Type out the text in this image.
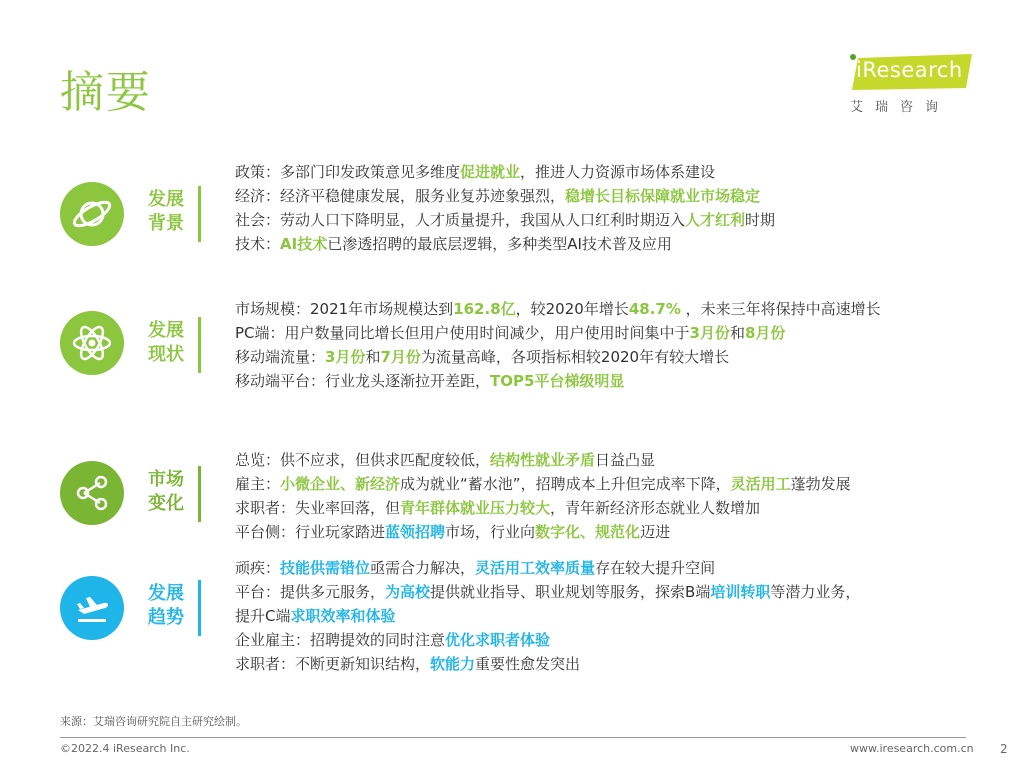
摘要	iResearch
艾瑞咨询
发展
背景
政策：多部门印发政策意见多维度促进就业，推进人力资源市场体系建设
经济：经济平稳健康发展，服务业复苏迹象强烈，稳增长目标保障就业市场稳定
社会：劳动人口下降明显，人才质量提升，我国从人口红利时期迈入人才红利时期
技术：AI技术已渗透招聘的最底层逻辑，多种类型AI技术普及应用
发展
现状
市场规模：2021年市场规模达到162.8亿，较2020年增长48.7% ，未来三年将保持中高速增长
PC端：用户数量同比增长但用户使用时间减少，用户使用时间集中于3月份和8月份
移动端流量：3月份和7月份为流量高峰，各项指标相较2020年有较大增长
移动端平台：行业龙头逐渐拉开差距，TOP5平台梯级明显
市场
变化
总览：供不应求，但供求匹配度较低，结构性就业矛盾日益凸显
雇主：小微企业、新经济成为就业“蓄水池”，招聘成本上升但完成率下降，灵活用工蓬勃发展
求职者：失业率回落，但青年群体就业压力较大，青年新经济形态就业人数增加
平台侧：行业玩家踏进蓝领招聘市场，行业向数字化、规范化迈进
发展
趋势
顽疾：技能供需错位亟需合力解决，灵活用工效率质量存在较大提升空间
平台：提供多元服务，为高校提供就业指导、职业规划等服务，探索B端培训转职等潜力业务，
提升C端求职效率和体验
企业雇主：招聘提效的同时注意优化求职者体验
求职者：不断更新知识结构，软能力重要性愈发突出
来源：艾瑞咨询研究院自主研究绘制。
©2022.4 iResearch Inc.	www.iresearch.com.cn 2
